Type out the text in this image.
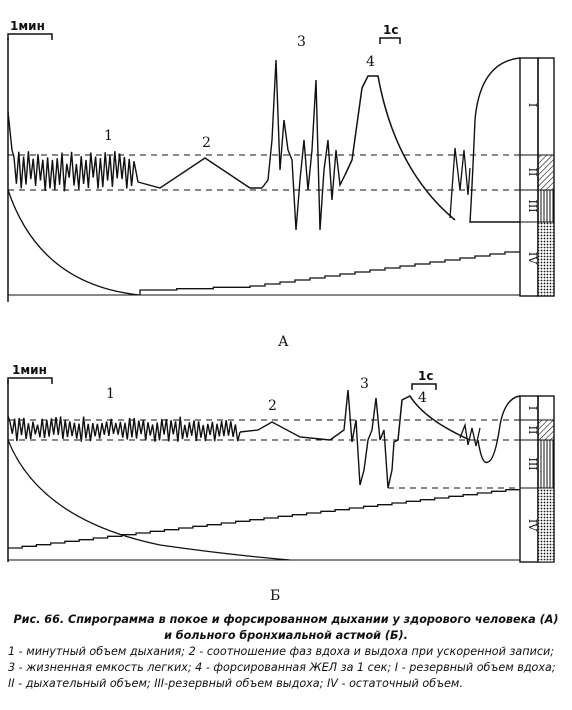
1мин	1с
I
II
III
IV
1	2
3
4
А
1мин	1с
I
II
III
IV
1
2
3
4
Б
Рис. 66. Спирограмма в покое и форсированном дыхании у здорового человека (А)
и больного бронхиальной астмой (Б).
1 - минутный объем дыхания; 2 - соотношение фаз вдоха и выдоха при ускоренной записи;
3 - жизненная емкость легких; 4 - форсированная ЖЕЛ за 1 сек; I - резервный объем вдоха;
II - дыхательный объем; III-резервный объем выдоха; IV - остаточный объем.
